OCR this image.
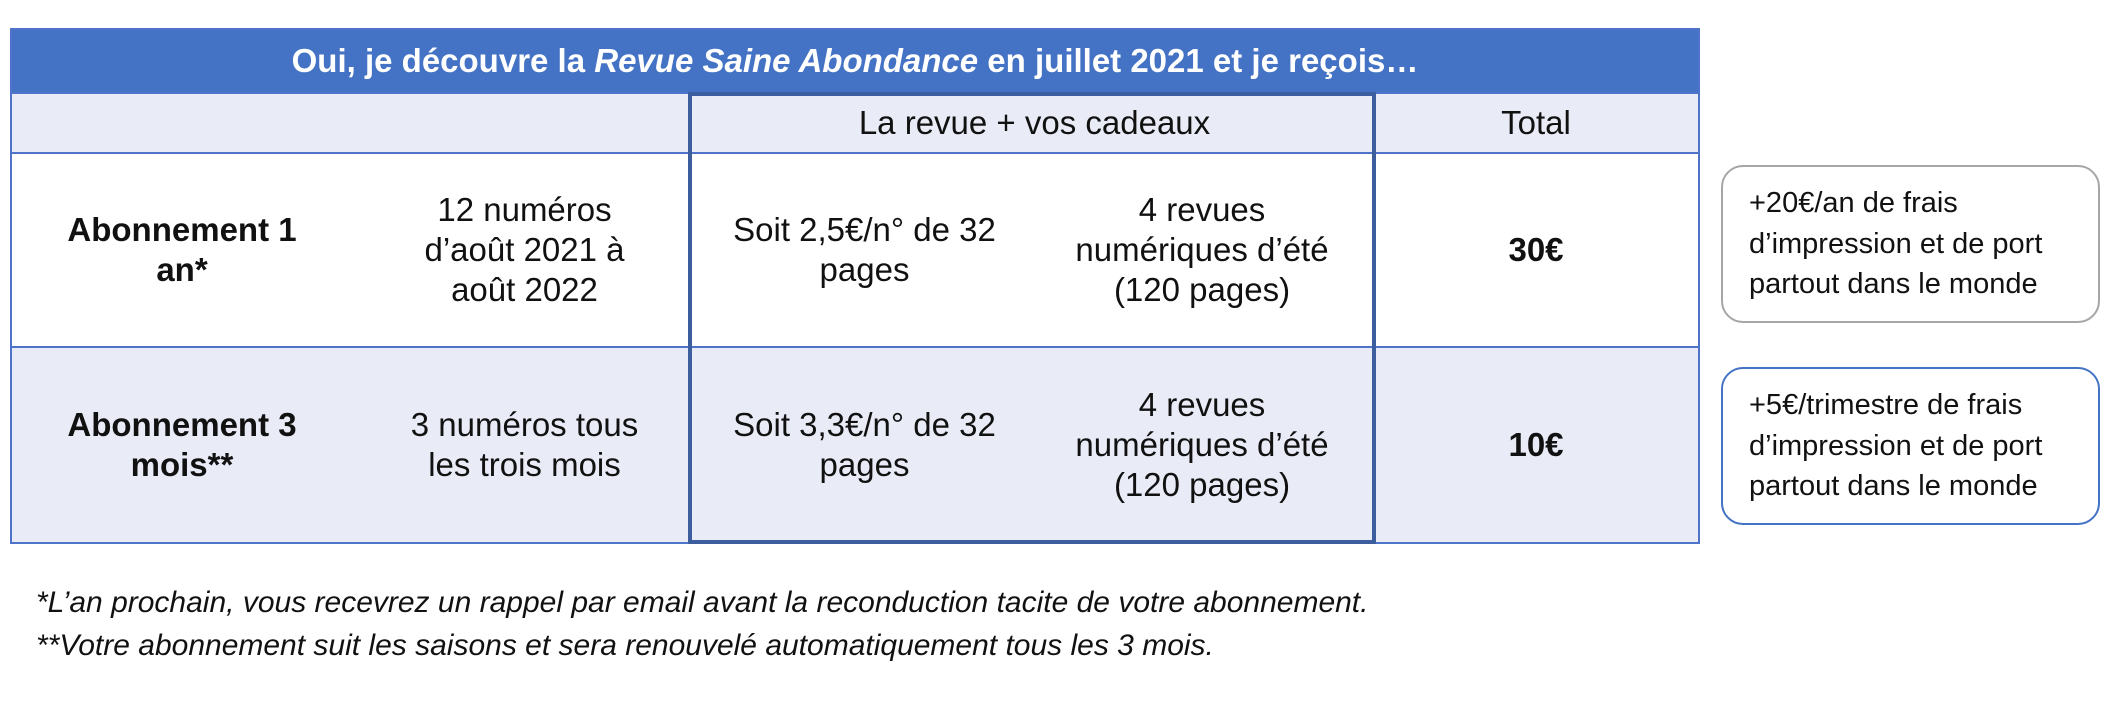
Oui, je découvre la Revue Saine Abondance en juillet 2021 et je reçois…
La revue + vos cadeaux	Total
Abonnement 1
an*
12 numéros
d’août 2021 à
août 2022
Soit 2,5€/n° de 32
pages
4 revues
numériques d’été
(120 pages)
30€
Abonnement 3
mois**
3 numéros tous
les trois mois
Soit 3,3€/n° de 32
pages
4 revues
numériques d’été
(120 pages)
10€
+20€/an de frais
d’impression et de port
partout dans le monde
+5€/trimestre de frais
d’impression et de port
partout dans le monde
*L’an prochain, vous recevrez un rappel par email avant la reconduction tacite de votre abonnement.
**Votre abonnement suit les saisons et sera renouvelé automatiquement tous les 3 mois.
